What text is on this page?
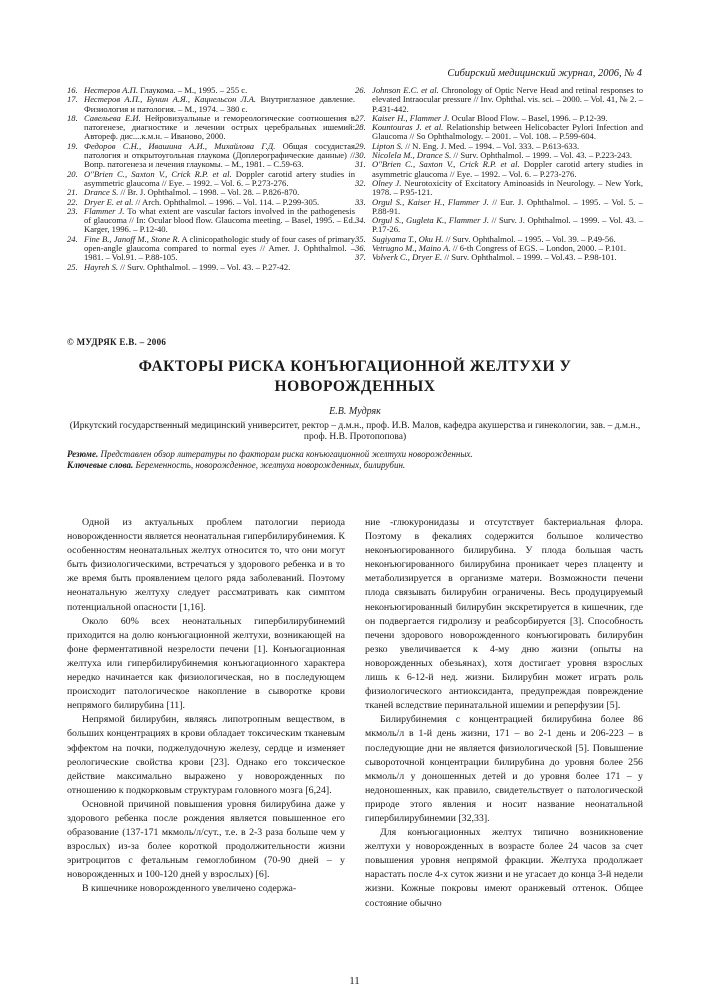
Сибирский медицинский журнал, 2006, № 4

16. Нестеров А.П. Глаукома. – М., 1995. – 255 с.

17. Нестеров А.П., Бунин А.Я., Кацнельсон Л.А. Внутриглазное давление. Физиология и патология. – М., 1974. – 380 с.

18. Савельева Е.И. Нейровизуальные и гемореологические соотношения в патогенезе, диагностике и лечении острых церебральных ишемий: Автореф. дис....к.м.н. – Иваново, 2000.

19. Федоров С.Н., Ивашина А.И., Михайлова Г.Д. Общая сосудистая патология и открытоугольная глаукома (Доплерографические данные) // Вопр. патогенеза и лечения глаукомы. – М., 1981. – С.59-63.

20. O"Brien C., Saxton V., Crick R.P. et al. Doppler carotid artery studies in asymmetric glaucoma // Eye. – 1992. – Vol. 6. – P.273-276.

21. Drance S. // Br. J. Ophthalmol. – 1998. – Vol. 28. – P.826-870.

22. Dryer E. et al. // Arch. Ophthalmol. – 1996. – Vol. 114. – P.299-305.

23. Flammer J. To what extent are vascular factors involved in the pathogenesis of glaucoma // In: Ocular blood flow. Glaucoma meeting. – Basel, 1995. – Ed. Karger, 1996. – P.12-40.

24. Fine B., Janoff M., Stone R. A clinicopathologic study of four cases of primary open-angle glaucoma compared to normal eyes // Amer. J. Ophthalmol. – 1981. – Vol.91. – P.88-105.

25. Hayreh S. // Surv. Ophthalmol. – 1999. – Vol. 43. – P.27-42.

26. Johnson E.C. et al. Chronology of Optic Nerve Head and retinal responses to elevated Intraocular pressure // Inv. Ophthal. vis. sci. – 2000. – Vol. 41, № 2. – P.431-442.

27. Kaiser H., Flammer J. Ocular Blood Flow. – Basel, 1996. – P.12-39.

28. Kountouras J. et al. Relationship between Helicobacter Pylori Infection and Glaucoma // So Ophthalmology. – 2001. – Vol. 108. – P.599-604.

29. Lipton S. // N. Eng. J. Med. – 1994. – Vol. 333. – P.613-633.

30. Nicolela M., Drance S. // Surv. Ophthalmol. – 1999. – Vol. 43. – P.223-243.

31. O"Brien C., Saxton V., Crick R.P. et al. Doppler carotid artery studies in asymmetric glaucoma // Eye. – 1992. – Vol. 6. – P.273-276.

32. Olney J. Neurotoxicity of Excitatory Aminoasids in Neurology. – New York, 1978. – P.95-121.

33. Orgul S., Kaiser H., Flammer J. // Eur. J. Ophthalmol. – 1995. – Vol. 5. – P.88-91.

34. Orgul S., Gugleta K., Flammer J. // Surv. J. Ophthalmol. – 1999. – Vol. 43. – P.17-26.

35. Sugiyama T., Oku H. // Surv. Ophthalmol. – 1995. – Vol. 39. – P.49-56.

36. Vetrugno M., Maino A. // 6-th Congress of EGS. – London, 2000. – P.101.

37. Volverk C., Dryer E. // Surv. Ophthalmol. – 1999. – Vol.43. – P.98-101.

© МУДРЯК Е.В. – 2006
ФАКТОРЫ РИСКА КОНЪЮГАЦИОННОЙ ЖЕЛТУХИ У НОВОРОЖДЕННЫХ
Е.В. Мудряк
(Иркутский государственный медицинский университет, ректор – д.м.н., проф. И.В. Малов, кафедра акушерства и гинекологии, зав. – д.м.н., проф. Н.В. Протопопова)
Резюме. Представлен обзор литературы по факторам риска конъюгационной желтухи новорожденных.
Ключевые слова. Беременность, новорожденное, желтуха новорожденных, билирубин.

Одной из актуальных проблем патологии периода новорожденности является неонатальная гипербилирубинемия. К особенностям неонатальных желтух относится то, что они могут быть физиологическими, встречаться у здорового ребенка и в то же время быть проявлением целого ряда заболеваний. Поэтому неонатальную желтуху следует рассматривать как симптом потенциальной опасности [1,16].

Около 60% всех неонатальных гипербилирубинемий приходится на долю конъюгационной желтухи, возникающей на фоне ферментативной незрелости печени [1]. Конъюгационная желтуха или гипербилирубинемия конъюгационного характера нередко начинается как физиологическая, но в последующем происходит патологическое накопление в сыворотке крови непрямого билирубина [11].

Непрямой билирубин, являясь липотропным веществом, в больших концентрациях в крови обладает токсическим тканевым эффектом на почки, поджелудочную железу, сердце и изменяет реологические свойства крови [23]. Однако его токсическое действие максимально выражено у новорожденных по отношению к подкорковым структурам головного мозга [6,24].

Основной причиной повышения уровня билирубина даже у здорового ребенка после рождения является повышенное его образование (137-171 мкмоль/л/сут., т.е. в 2-3 раза больше чем у взрослых) из-за более короткой продолжительности жизни эритроцитов с фетальным гемоглобином (70-90 дней – у новорожденных и 100-120 дней у взрослых) [6].

В кишечнике новорожденного увеличено содержа-

ние -глюкуронидазы и отсутствует бактериальная флора. Поэтому в фекалиях содержится большое количество неконъюгированного билирубина. У плода большая часть неконъюгированного билирубина проникает через плаценту и метаболизируется в организме матери. Возможности печени плода связывать билирубин ограничены. Весь продуцируемый неконъюгированный билирубин экскретируется в кишечник, где он подвергается гидролизу и реабсорбируется [3]. Способность печени здорового новорожденного конъюгировать билирубин резко увеличивается к 4-му дню жизни (опыты на новорожденных обезьянах), хотя достигает уровня взрослых лишь к 6-12-й нед. жизни. Билирубин может играть роль физиологического антиоксиданта, предупреждая повреждение тканей вследствие перинатальной ишемии и реперфузии [5].

Билирубинемия с концентрацией билирубина более 86 мкмоль/л в 1-й день жизни, 171 – во 2-1 день и 206-223 – в последующие дни не является физиологической [5]. Повышение сывороточной концентрации билирубина до уровня более 256 мкмоль/л у доношенных детей и до уровня более 171 – у недоношенных, как правило, свидетельствует о патологической природе этого явления и носит название неонатальной гипербилирубинемии [32,33].

Для конъюгационных желтух типично возникновение желтухи у новорожденных в возрасте более 24 часов за счет повышения уровня непрямой фракции. Желтуха продолжает нарастать после 4-х суток жизни и не угасает до конца 3-й недели жизни. Кожные покровы имеют оранжевый оттенок. Общее состояние обычно

11
